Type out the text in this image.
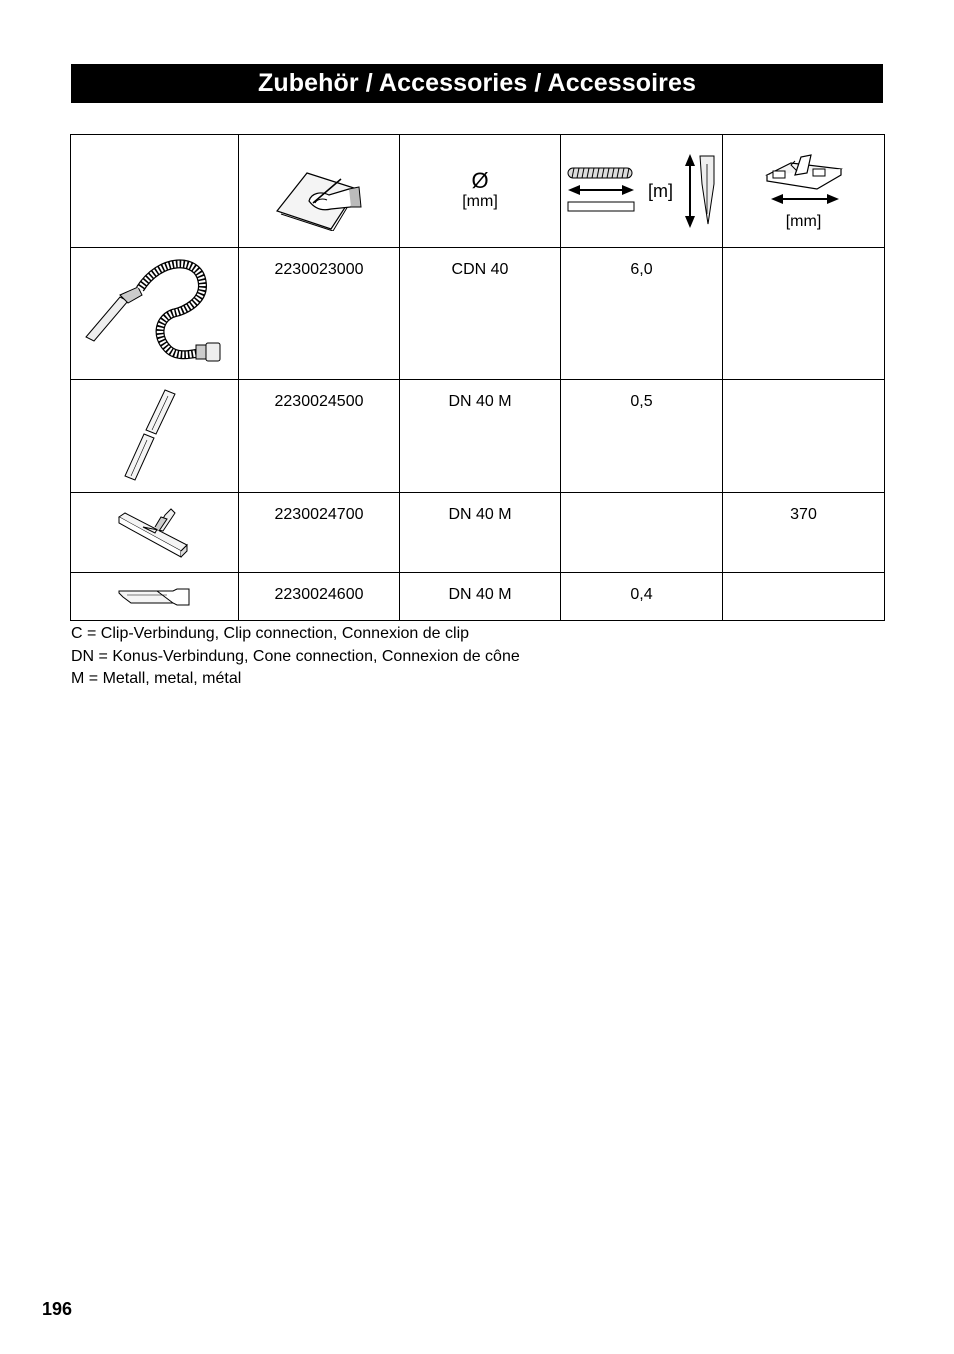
Zubehör / Accessories / Accessoires

Ø
[mm]	[m]	[mm]

2230023000	CDN 40	6,0	

2230024500	DN 40 M	0,5	

2230024700	DN 40 M		370

2230024600	DN 40 M	0,4	

C = Clip-Verbindung, Clip connection, Connexion de clip
DN = Konus-Verbindung, Cone connection, Connexion de cône
M = Metall, metal, métal
196
